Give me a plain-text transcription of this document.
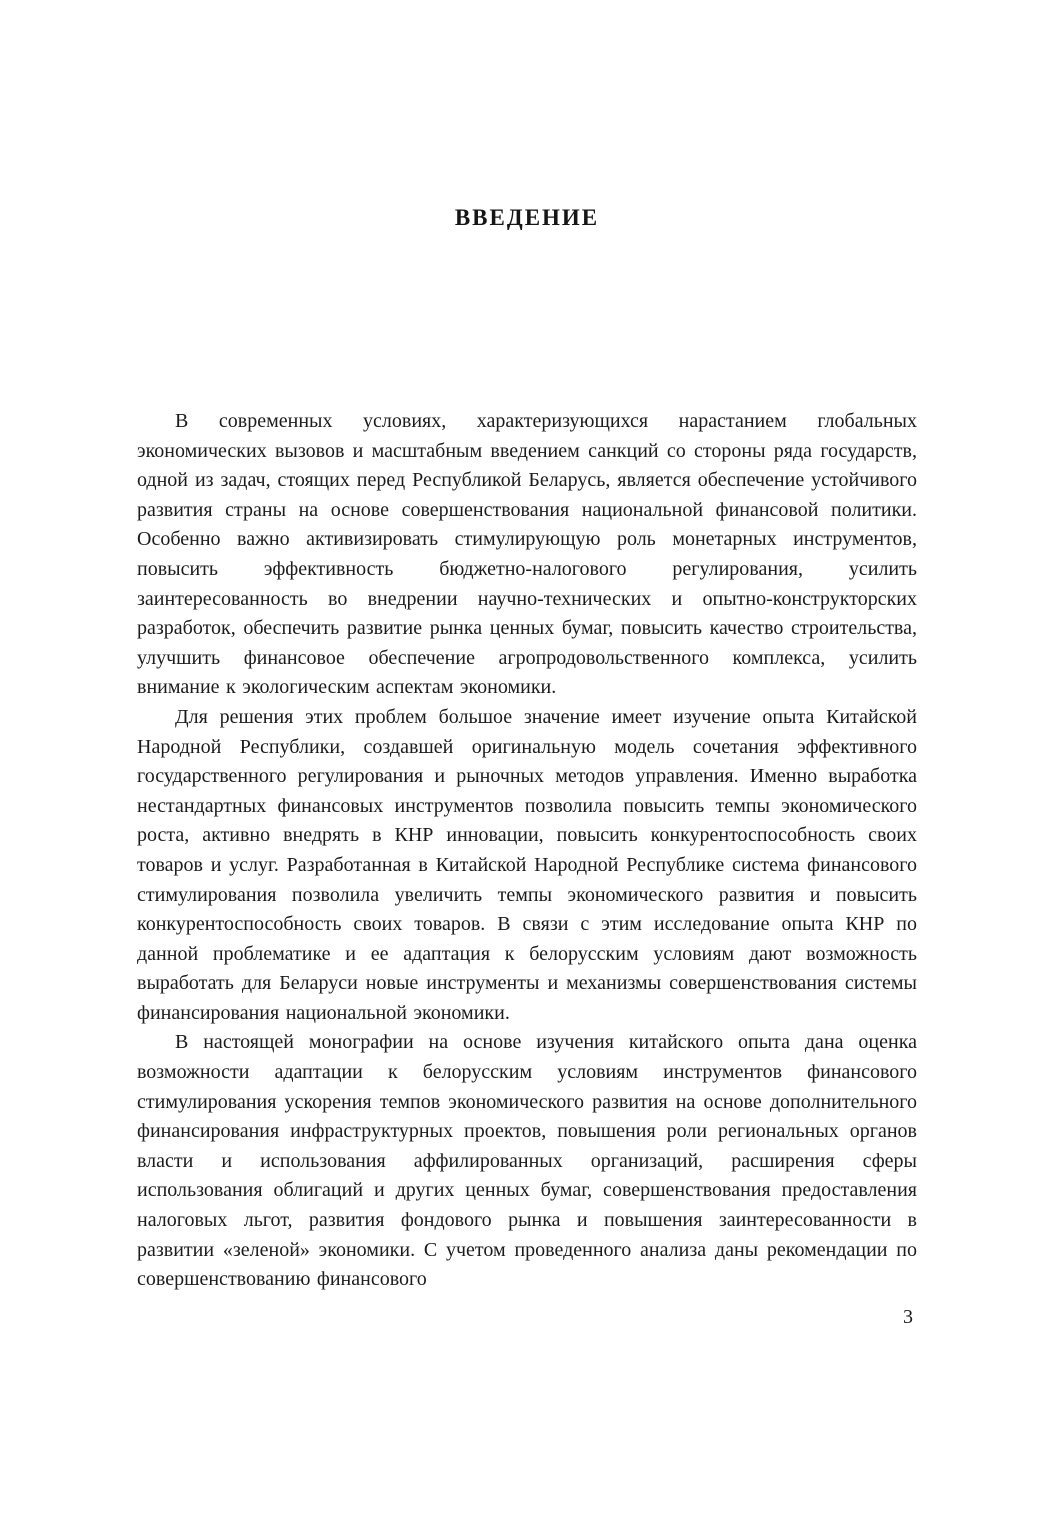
ВВЕДЕНИЕ

В современных условиях, характеризующихся нарастанием глобальных экономических вызовов и масштабным введением санкций со стороны ряда государств, одной из задач, стоящих перед Республикой Беларусь, является обеспечение устойчивого развития страны на основе совершенствования национальной финансовой политики. Особенно важно активизировать стимулирующую роль монетарных инструментов, повысить эффективность бюджетно-налогового регулирования, усилить заинтересованность во внедрении научно-технических и опытно-конструкторских разработок, обеспечить развитие рынка ценных бумаг, повысить качество строительства, улучшить финансовое обеспечение агропродовольственного комплекса, усилить внимание к экологическим аспектам экономики.

Для решения этих проблем большое значение имеет изучение опыта Китайской Народной Республики, создавшей оригинальную модель сочетания эффективного государственного регулирования и рыночных методов управления. Именно выработка нестандартных финансовых инструментов позволила повысить темпы экономического роста, активно внедрять в КНР инновации, повысить конкурентоспособность своих товаров и услуг. Разработанная в Китайской Народной Республике система финансового стимулирования позволила увеличить темпы экономического развития и повысить конкурентоспособность своих товаров. В связи с этим исследование опыта КНР по данной проблематике и ее адаптация к белорусским условиям дают возможность выработать для Беларуси новые инструменты и механизмы совершенствования системы финансирования национальной экономики.

В настоящей монографии на основе изучения китайского опыта дана оценка возможности адаптации к белорусским условиям инструментов финансового стимулирования ускорения темпов экономического развития на основе дополнительного финансирования инфраструктурных проектов, повышения роли региональных органов власти и использования аффилированных организаций, расширения сферы использования облигаций и других ценных бумаг, совершенствования предоставления налоговых льгот, развития фондового рынка и повышения заинтересованности в развитии «зеленой» экономики. С учетом проведенного анализа даны рекомендации по совершенствованию финансового

3
